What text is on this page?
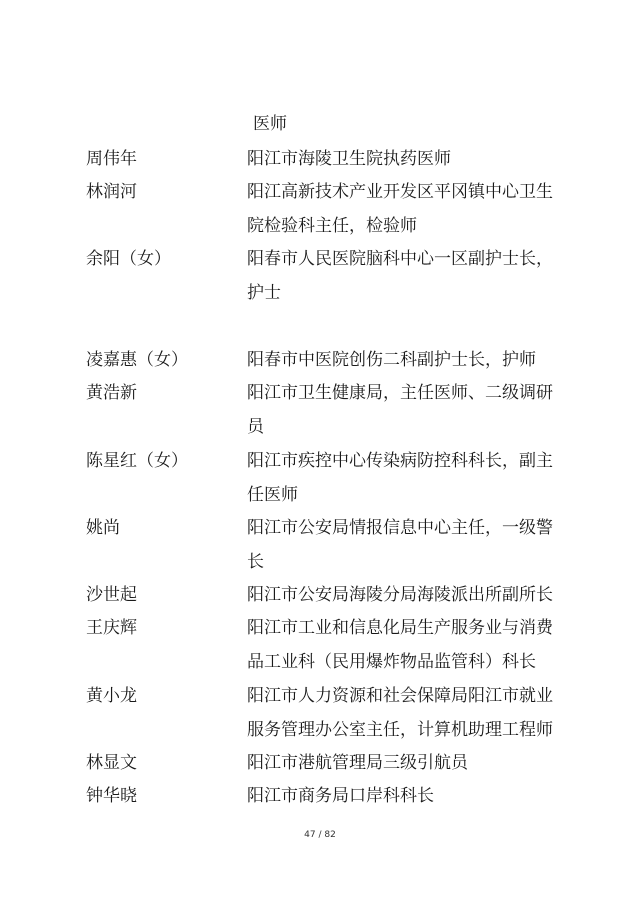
医师
周伟年	阳江市海陵卫生院执药医师
林润河	阳江高新技术产业开发区平冈镇中心卫生
院检验科主任，检验师
余阳（女）	阳春市人民医院脑科中心一区副护士长，
护士
凌嘉惠（女）	阳春市中医院创伤二科副护士长，护师
黄浩新	阳江市卫生健康局，主任医师、二级调研
员
陈星红（女）	阳江市疾控中心传染病防控科科长，副主
任医师
姚尚	阳江市公安局情报信息中心主任，一级警
长
沙世起	阳江市公安局海陵分局海陵派出所副所长
王庆辉	阳江市工业和信息化局生产服务业与消费
品工业科（民用爆炸物品监管科）科长
黄小龙	阳江市人力资源和社会保障局阳江市就业
服务管理办公室主任，计算机助理工程师
林显文	阳江市港航管理局三级引航员
钟华晓	阳江市商务局口岸科科长
47 / 82
